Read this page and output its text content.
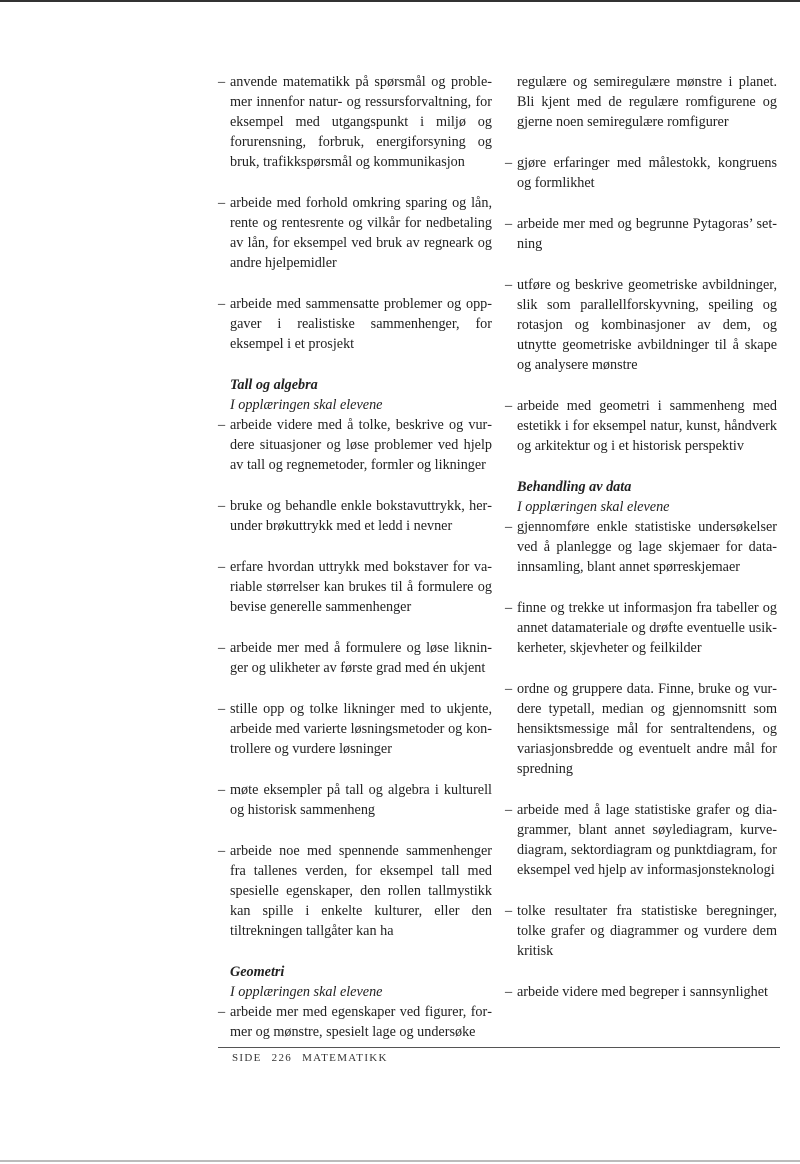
– anvende matematikk på spørsmål og problemer innenfor natur- og ressursforvaltning, for eksempel med utgangspunkt i miljø og forurensning, forbruk, energiforsyning og bruk, trafikkspørsmål og kommunikasjon

– arbeide med forhold omkring sparing og lån, rente og rentesrente og vilkår for nedbetaling av lån, for eksempel ved bruk av regneark og andre hjelpemidler

– arbeide med sammensatte problemer og oppgaver i realistiske sammenhenger, for eksempel i et prosjekt

Tall og algebra
I opplæringen skal elevene

– arbeide videre med å tolke, beskrive og vurdere situasjoner og løse problemer ved hjelp av tall og regnemetoder, formler og likninger

– bruke og behandle enkle bokstavuttrykk, herunder brøkuttrykk med et ledd i nevner

– erfare hvordan uttrykk med bokstaver for variable størrelser kan brukes til å formulere og bevise generelle sammenhenger

– arbeide mer med å formulere og løse likninger og ulikheter av første grad med én ukjent

– stille opp og tolke likninger med to ukjente, arbeide med varierte løsningsmetoder og kontrollere og vurdere løsninger

– møte eksempler på tall og algebra i kulturell og historisk sammenheng

– arbeide noe med spennende sammenhenger fra tallenes verden, for eksempel tall med spesielle egenskaper, den rollen tallmystikk kan spille i enkelte kulturer, eller den tiltrekningen tallgåter kan ha

Geometri
I opplæringen skal elevene

– arbeide mer med egenskaper ved figurer, former og mønstre, spesielt lage og undersøke

regulære og semiregulære mønstre i planet. Bli kjent med de regulære romfigurene og gjerne noen semiregulære romfigurer

– gjøre erfaringer med målestokk, kongruens og formlikhet

– arbeide mer med og begrunne Pytagoras’ setning

– utføre og beskrive geometriske avbildninger, slik som parallellforskyvning, speiling og rotasjon og kombinasjoner av dem, og utnytte geometriske avbildninger til å skape og analysere mønstre

– arbeide med geometri i sammenheng med estetikk i for eksempel natur, kunst, håndverk og arkitektur og i et historisk perspektiv

Behandling av data
I opplæringen skal elevene

– gjennomføre enkle statistiske undersøkelser ved å planlegge og lage skjemaer for datainnsamling, blant annet spørreskjemaer

– finne og trekke ut informasjon fra tabeller og annet datamateriale og drøfte eventuelle usikkerheter, skjevheter og feilkilder

– ordne og gruppere data. Finne, bruke og vurdere typetall, median og gjennomsnitt som hensiktsmessige mål for sentraltendens, og variasjonsbredde og eventuelt andre mål for spredning

– arbeide med å lage statistiske grafer og diagrammer, blant annet søylediagram, kurvediagram, sektordiagram og punktdiagram, for eksempel ved hjelp av informasjonsteknologi

– tolke resultater fra statistiske beregninger, tolke grafer og diagrammer og vurdere dem kritisk

– arbeide videre med begreper i sannsynlighet

SIDE 226 MATEMATIKK
